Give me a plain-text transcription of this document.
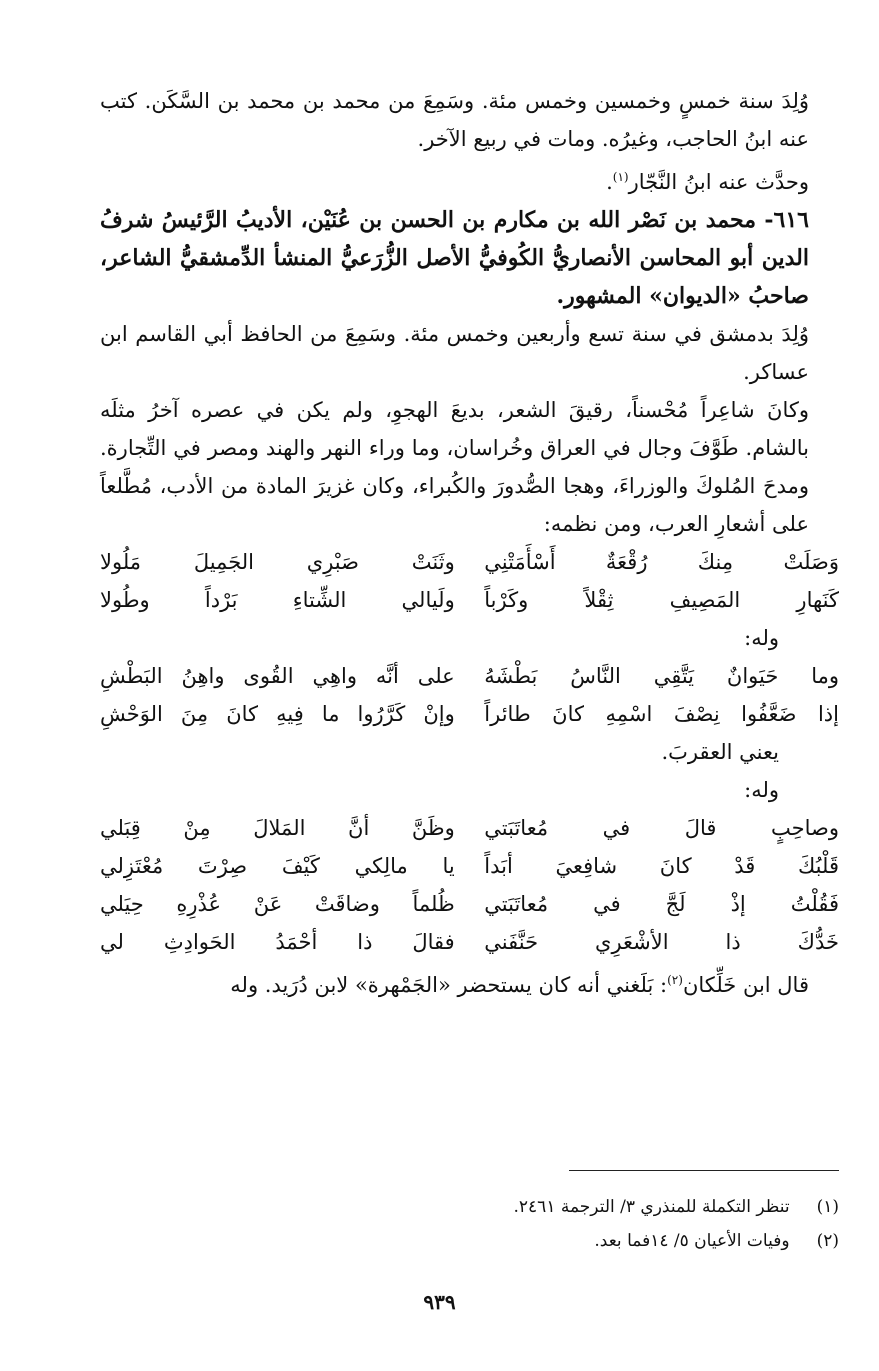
وُلِدَ سنة خمسٍ وخمسين وخمس مئة. وسَمِعَ من محمد بن محمد بن السَّكَن. كتب عنه ابنُ الحاجب، وغيرُه. ومات في ربيع الآخر.

وحدَّث عنه ابنُ النَّجّار$^{(١)}$.

٦١٦- محمد بن نَصْر الله بن مكارم بن الحسن بن عُنَيْن، الأديبُ الرَّئيسُ شرفُ الدين أبو المحاسن الأنصاريُّ الكُوفيُّ الأصل الزُّرَعيُّ المنشأ الدِّمشقيُّ الشاعر، صاحبُ «الديوان» المشهور.

وُلِدَ بدمشق في سنة تسع وأربعين وخمس مئة. وسَمِعَ من الحافظ أبي القاسم ابن عساكر.

وكانَ شاعِراً مُحْسناً، رقيقَ الشعر، بديعَ الهجوِ، ولم يكن في عصره آخرُ مثلَه بالشام. طَوَّفَ وجال في العراق وخُراسان، وما وراء النهر والهند ومصر في التِّجارة. ومدحَ المُلوكَ والوزراءَ، وهجا الصُّدورَ والكُبراء، وكان غزيرَ المادة من الأدب، مُطَّلعاً على أشعارِ العرب، ومن نظمه:

وَصَلَتْ مِنكَ رُقْعَةٌ أَسْأَمَتْنِي
وثَنَتْ صَبْرِي الجَمِيلَ مَلُولا
كَنَهارِ المَصِيفِ ثِقْلاً وكَرْباً
ولَيالي الشِّتاءِ بَرْداً وطُولا
وله:
وما حَيَوانٌ يَتَّقِي النَّاسُ بَطْشَهُ
على أنَّه واهِي القُوى واهِنُ البَطْشِ
إذا ضَعَّفُوا نِصْفَ اسْمِهِ كانَ طائراً
وإنْ كَرَّرُوا ما فِيهِ كانَ مِنَ الوَحْشِ
يعني العقربَ.
وله:
وصاحِبٍ قالَ في مُعاتَبَتي
وظَنَّ أنَّ المَلالَ مِنْ قِبَلي
قَلْبُكَ قَدْ كانَ شافِعيَ أبَداً
يا مالِكي كَيْفَ صِرْتَ مُعْتَزِلي
فَقُلْتُ إذْ لَجَّ في مُعاتَبَتي
ظُلماً وضاقَتْ عَنْ عُذْرِهِ حِيَلي
خَدُّكَ ذا الأشْعَرِي حَنَّفَني
فقالَ ذا أحْمَدُ الحَوادِثِ لي

قال ابن خَلِّكان$^{(٢)}$: بَلَغني أنه كان يستحضر «الجَمْهرة» لابن دُرَيد. وله

(١) تنظر التكملة للمنذري ٣/ الترجمة ٢٤٦١.
(٢) وفيات الأعيان ٥/ ١٤فما بعد.
٩٣٩
